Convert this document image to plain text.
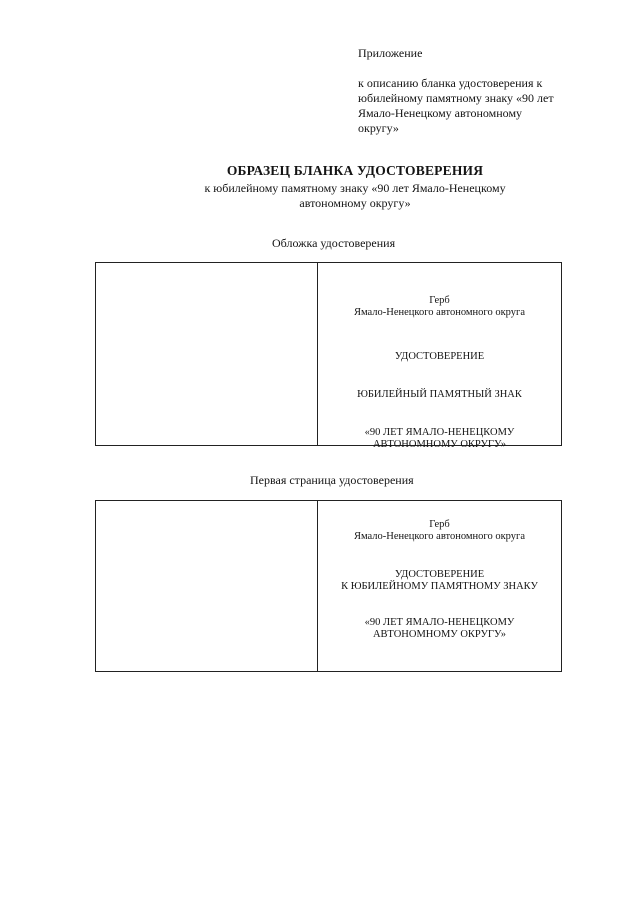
Приложение
к описанию бланка удостоверения к
юбилейному памятному знаку «90 лет
Ямало-Ненецкому автономному
округу»
ОБРАЗЕЦ БЛАНКА УДОСТОВЕРЕНИЯ
к юбилейному памятному знаку «90 лет Ямало-Ненецкому
автономному округу»
Обложка удостоверения

Герб
Ямало-Ненецкого автономного округа

УДОСТОВЕРЕНИЕ

ЮБИЛЕЙНЫЙ ПАМЯТНЫЙ ЗНАК

«90 ЛЕТ ЯМАЛО-НЕНЕЦКОМУ
АВТОНОМНОМУ ОКРУГУ»

Первая страница удостоверения

Герб
Ямало-Ненецкого автономного округа

УДОСТОВЕРЕНИЕ
К ЮБИЛЕЙНОМУ ПАМЯТНОМУ ЗНАКУ

«90 ЛЕТ ЯМАЛО-НЕНЕЦКОМУ
АВТОНОМНОМУ ОКРУГУ»
